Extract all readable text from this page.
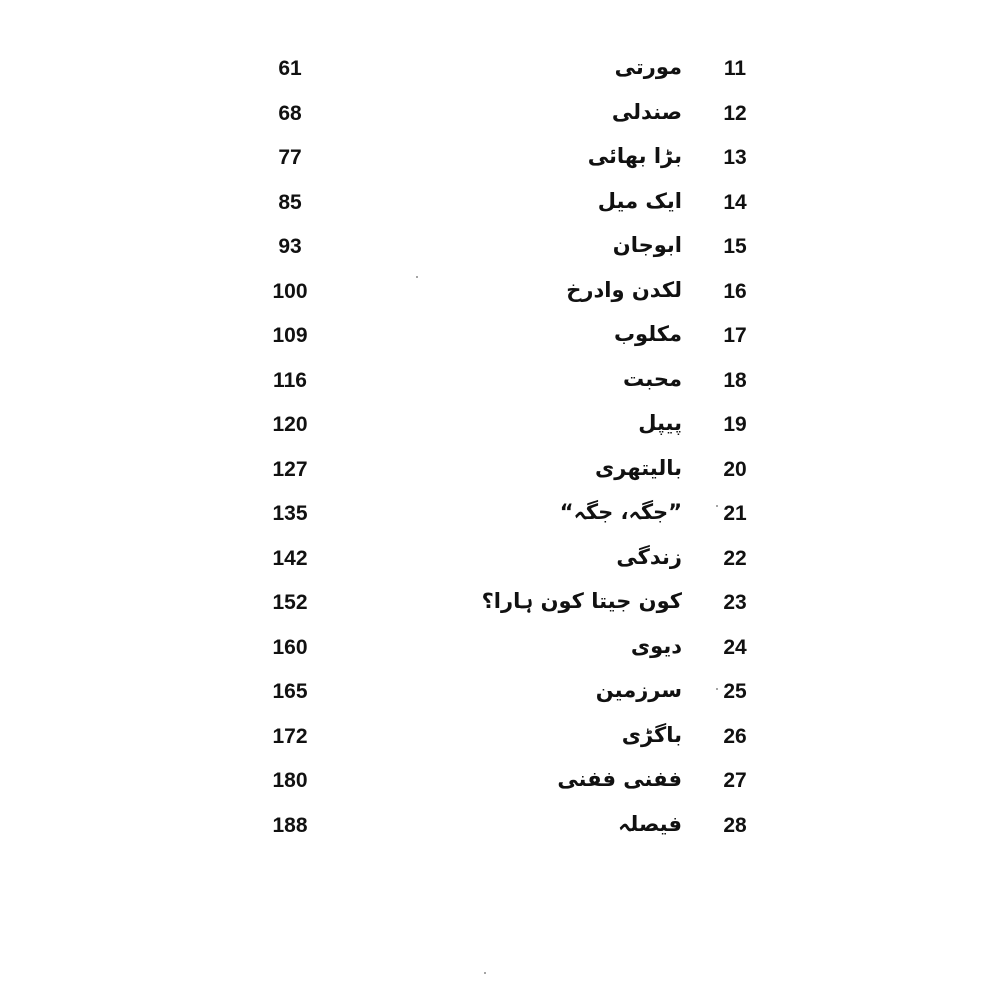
61	مورتی	11
68	صندلی	12
77	بڑا بھائی	13
85	ایک میل	14
93	ابوجان	15
100	لکدن وادرخ	16
109	مکلوب	17
116	محبت	18
120	پیپل	19
127	بالیتھری	20
135	”جگہ، جگہ“	21
142	زندگی	22
152	کون جیتا کون ہارا؟	23
160	دیوی	24
165	سرزمین	25
172	باگڑی	26
180	ففنی ففنی	27
188	فیصلہ	28
